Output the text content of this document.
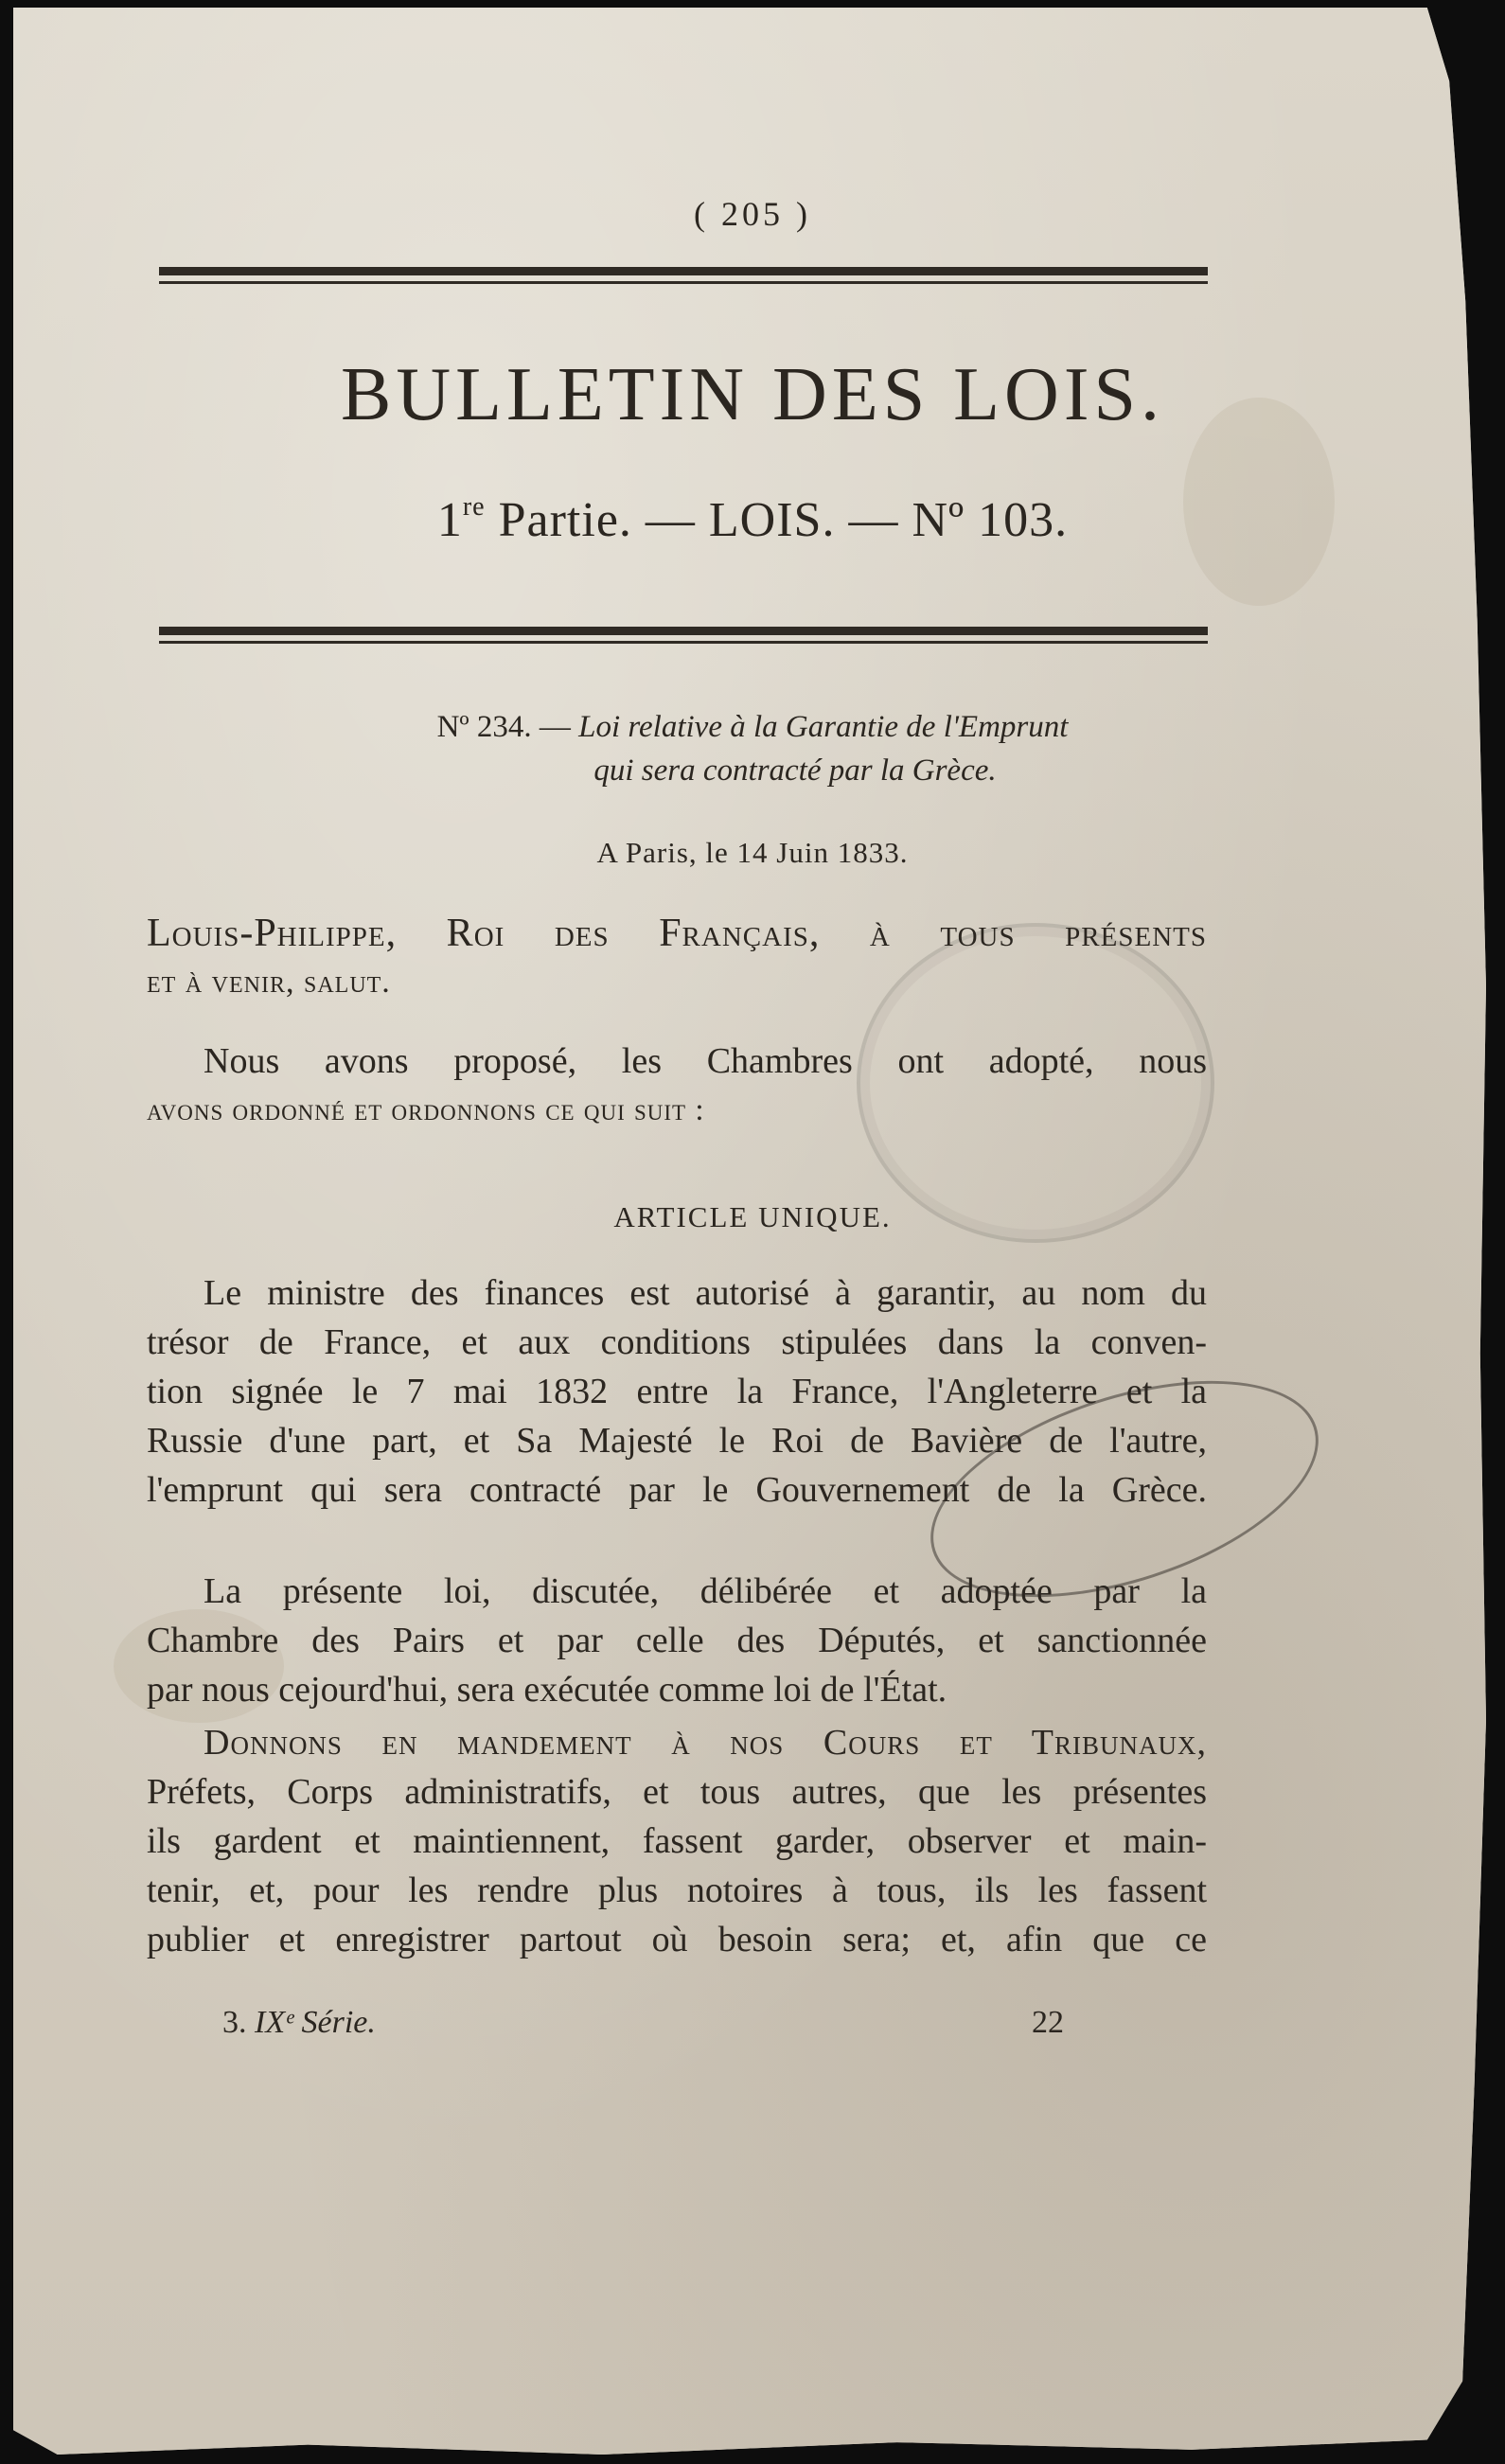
( 205 )
BULLETIN DES LOIS.
1re Partie. — LOIS. — Nº 103.
Nº 234. — Loi relative à la Garantie de l'Emprunt
qui sera contracté par la Grèce.
A Paris, le 14 Juin 1833.
Louis-Philippe, Roi des Français, à tous présents
et à venir, salut.
Nous avons proposé, les Chambres ont adopté, nous
avons ordonné et ordonnons ce qui suit :
ARTICLE UNIQUE.
Le ministre des finances est autorisé à garantir, au nom du
trésor de France, et aux conditions stipulées dans la conven-
tion signée le 7 mai 1832 entre la France, l'Angleterre et la
Russie d'une part, et Sa Majesté le Roi de Bavière de l'autre,
l'emprunt qui sera contracté par le Gouvernement de la Grèce.
La présente loi, discutée, délibérée et adoptée par la
Chambre des Pairs et par celle des Députés, et sanctionnée
par nous cejourd'hui, sera exécutée comme loi de l'État.
Donnons en mandement à nos Cours et Tribunaux,
Préfets, Corps administratifs, et tous autres, que les présentes
ils gardent et maintiennent, fassent garder, observer et main-
tenir, et, pour les rendre plus notoires à tous, ils les fassent
publier et enregistrer partout où besoin sera; et, afin que ce
3. IXᵉ Série.	22
